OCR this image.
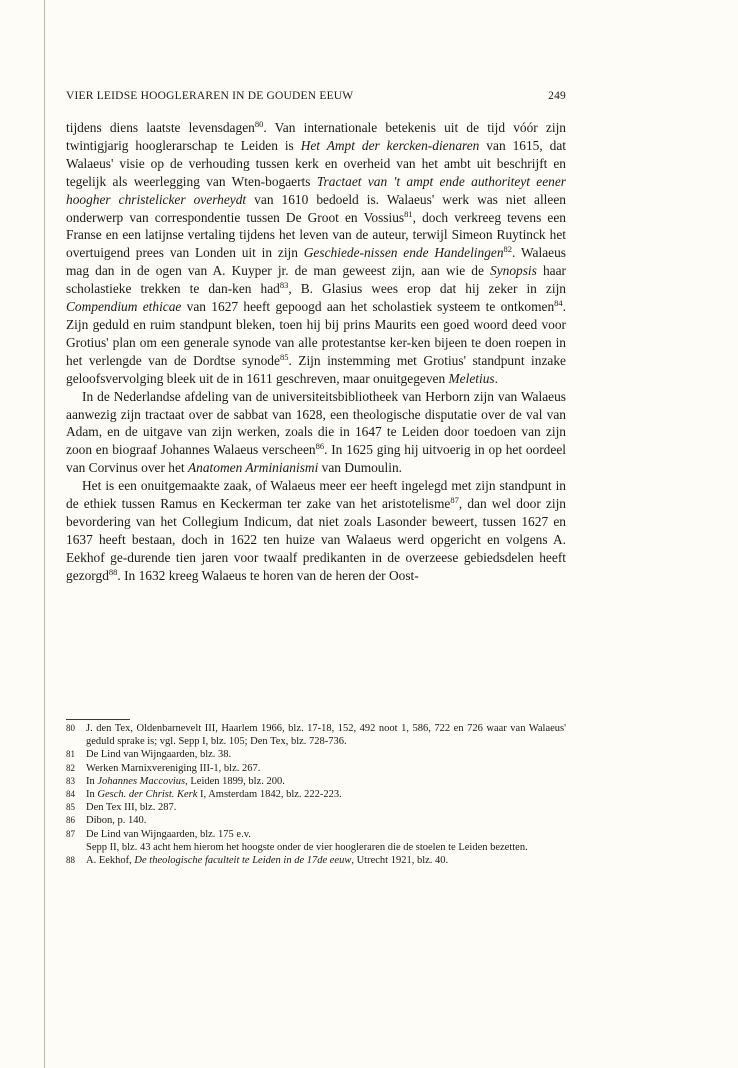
VIER LEIDSE HOOGLERAREN IN DE GOUDEN EEUW	249

tijdens diens laatste levensdagen$^{80}$. Van internationale betekenis uit de tijd vóór zijn twintigjarig hooglerarschap te Leiden is Het Ampt der kercken-dienaren van 1615, dat Walaeus' visie op de verhouding tussen kerk en overheid van het ambt uit beschrijft en tegelijk als weerlegging van Wten-bogaerts Tractaet van 't ampt ende authoriteyt eener hoogher christelicker overheydt van 1610 bedoeld is. Walaeus' werk was niet alleen onderwerp van correspondentie tussen De Groot en Vossius$^{81}$, doch verkreeg tevens een Franse en een latijnse vertaling tijdens het leven van de auteur, terwijl Simeon Ruytinck het overtuigend prees van Londen uit in zijn Geschiede-nissen ende Handelingen$^{82}$. Walaeus mag dan in de ogen van A. Kuyper jr. de man geweest zijn, aan wie de Synopsis haar scholastieke trekken te dan-ken had$^{83}$, B. Glasius wees erop dat hij zeker in zijn Compendium ethicae van 1627 heeft gepoogd aan het scholastiek systeem te ontkomen$^{84}$. Zijn geduld en ruim standpunt bleken, toen hij bij prins Maurits een goed woord deed voor Grotius' plan om een generale synode van alle protestantse ker-ken bijeen te doen roepen in het verlengde van de Dordtse synode$^{85}$. Zijn instemming met Grotius' standpunt inzake geloofsvervolging bleek uit de in 1611 geschreven, maar onuitgegeven Meletius.

In de Nederlandse afdeling van de universiteitsbibliotheek van Herborn zijn van Walaeus aanwezig zijn tractaat over de sabbat van 1628, een theologische disputatie over de val van Adam, en de uitgave van zijn werken, zoals die in 1647 te Leiden door toedoen van zijn zoon en biograaf Johannes Walaeus verscheen$^{86}$. In 1625 ging hij uitvoerig in op het oordeel van Corvinus over het Anatomen Arminianismi van Dumoulin.

Het is een onuitgemaakte zaak, of Walaeus meer eer heeft ingelegd met zijn standpunt in de ethiek tussen Ramus en Keckerman ter zake van het aristotelisme$^{87}$, dan wel door zijn bevordering van het Collegium Indicum, dat niet zoals Lasonder beweert, tussen 1627 en 1637 heeft bestaan, doch in 1622 ten huize van Walaeus werd opgericht en volgens A. Eekhof ge-durende tien jaren voor twaalf predikanten in de overzeese gebiedsdelen heeft gezorgd$^{88}$. In 1632 kreeg Walaeus te horen van de heren der Oost-

80	J. den Tex, Oldenbarnevelt III, Haarlem 1966, blz. 17-18, 152, 492 noot 1, 586, 722 en 726 waar van Walaeus' geduld sprake is; vgl. Sepp I, blz. 105; Den Tex, blz. 728-736.
81	De Lind van Wijngaarden, blz. 38.
82	Werken Marnixvereniging III-1, blz. 267.
83	In Johannes Maccovius, Leiden 1899, blz. 200.
84	In Gesch. der Christ. Kerk I, Amsterdam 1842, blz. 222-223.
85	Den Tex III, blz. 287.
86	Dibon, p. 140.
87	De Lind van Wijngaarden, blz. 175 e.v.
Sepp II, blz. 43 acht hem hierom het hoogste onder de vier hoogleraren die de stoelen te Leiden bezetten.
88	A. Eekhof, De theologische faculteit te Leiden in de 17de eeuw, Utrecht 1921, blz. 40.
